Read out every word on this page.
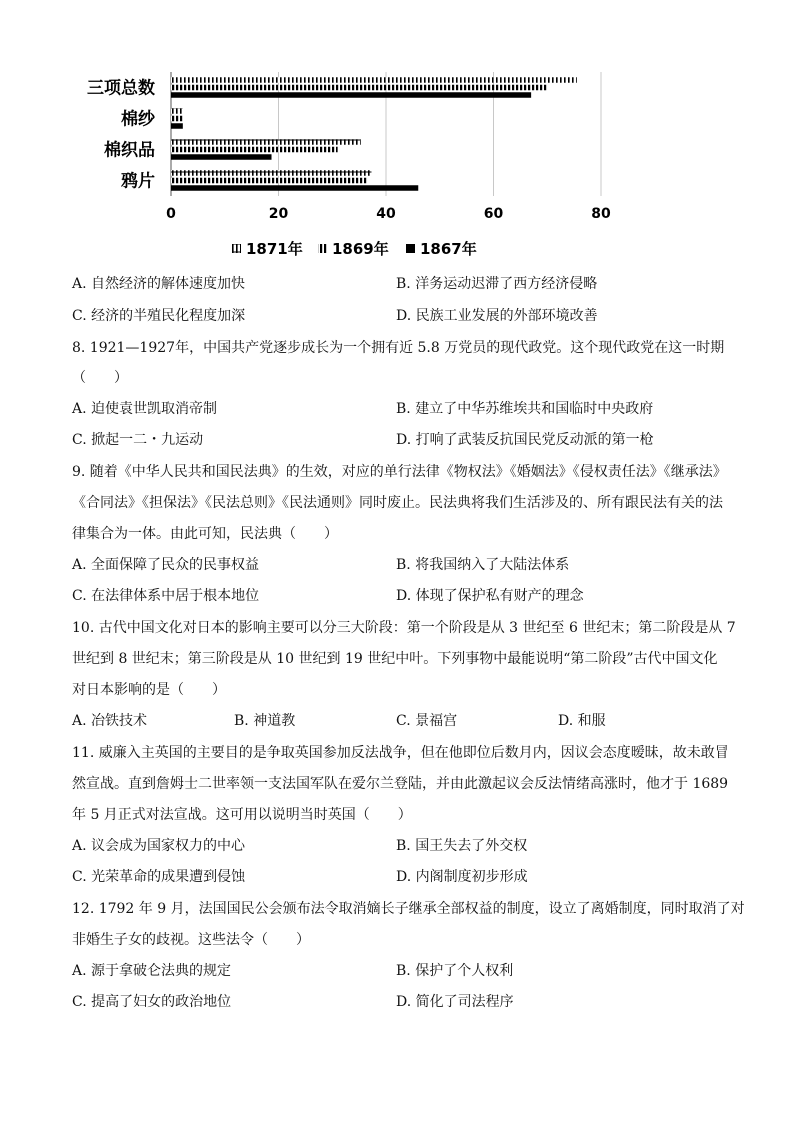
0	20	40	60	80
三项总数
棉纱
棉织品
鸦片
1871年 1869年 1867年
A. 自然经济的解体速度加快	B. 洋务运动迟滞了西方经济侵略
C. 经济的半殖民化程度加深	D. 民族工业发展的外部环境改善
8. 1921—1927年，中国共产党逐步成长为一个拥有近 5.8 万党员的现代政党。这个现代政党在这一时期
（　　）
A. 迫使袁世凯取消帝制	B. 建立了中华苏维埃共和国临时中央政府
C. 掀起一二・九运动	D. 打响了武装反抗国民党反动派的第一枪
9. 随着《中华人民共和国民法典》的生效，对应的单行法律《物权法》《婚姻法》《侵权责任法》《继承法》
《合同法》《担保法》《民法总则》《民法通则》同时废止。民法典将我们生活涉及的、所有跟民法有关的法
律集合为一体。由此可知，民法典（　　）
A. 全面保障了民众的民事权益	B. 将我国纳入了大陆法体系
C. 在法律体系中居于根本地位	D. 体现了保护私有财产的理念
10. 古代中国文化对日本的影响主要可以分三大阶段：第一个阶段是从 3 世纪至 6 世纪末；第二阶段是从 7
世纪到 8 世纪末；第三阶段是从 10 世纪到 19 世纪中叶。下列事物中最能说明“第二阶段”古代中国文化
对日本影响的是（　　）
A. 冶铁技术	B. 神道教	C. 景福宫	D. 和服
11. 威廉入主英国的主要目的是争取英国参加反法战争，但在他即位后数月内，因议会态度暧昧，故未敢冒
然宣战。直到詹姆士二世率领一支法国军队在爱尔兰登陆，并由此激起议会反法情绪高涨时，他才于 1689
年 5 月正式对法宣战。这可用以说明当时英国（　　）
A. 议会成为国家权力的中心	B. 国王失去了外交权
C. 光荣革命的成果遭到侵蚀	D. 内阁制度初步形成
12. 1792 年 9 月，法国国民公会颁布法令取消嫡长子继承全部权益的制度，设立了离婚制度，同时取消了对
非婚生子女的歧视。这些法令（　　）
A. 源于拿破仑法典的规定	B. 保护了个人权利
C. 提高了妇女的政治地位	D. 简化了司法程序
